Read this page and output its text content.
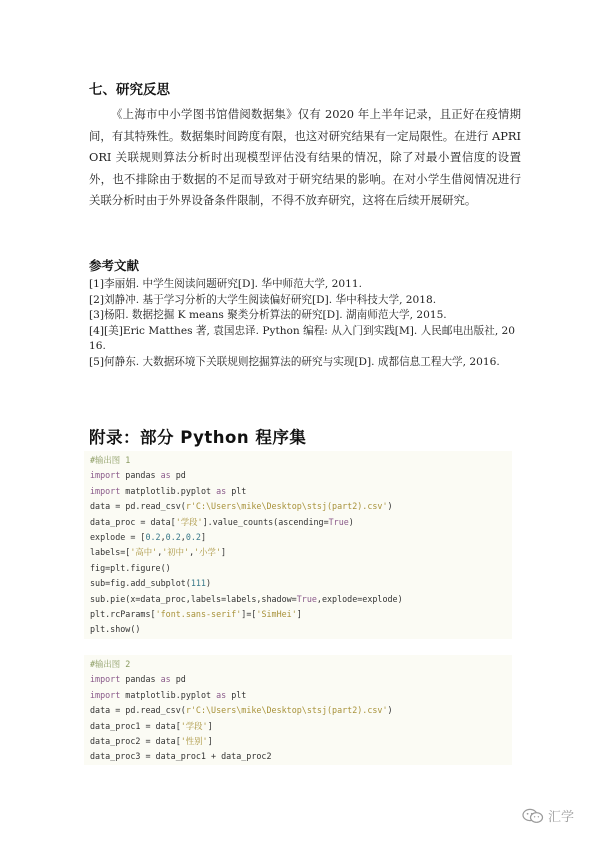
七、研究反思
《上海市中小学图书馆借阅数据集》仅有 2020 年上半年记录，且正好在疫情期间，有其特殊性。数据集时间跨度有限，也这对研究结果有一定局限性。在进行 APRIORI 关联规则算法分析时出现模型评估没有结果的情况，除了对最小置信度的设置外，也不排除由于数据的不足而导致对于研究结果的影响。在对小学生借阅情况进行关联分析时由于外界设备条件限制，不得不放弃研究，这将在后续开展研究。
参考文献
[1]李丽娟. 中学生阅读问题研究[D]. 华中师范大学, 2011.
[2]刘静冲. 基于学习分析的大学生阅读偏好研究[D]. 华中科技大学, 2018.
[3]杨阳. 数据挖掘 K means 聚类分析算法的研究[D]. 湖南师范大学, 2015.
[4][美]Eric Matthes 著, 袁国忠译. Python 编程: 从入门到实践[M]. 人民邮电出版社, 2016.
[5]何静东. 大数据环境下关联规则挖掘算法的研究与实现[D]. 成都信息工程大学, 2016.
附录：部分 Python 程序集
#输出图 1
import pandas as pd
import matplotlib.pyplot as plt
data = pd.read_csv(r'C:\Users\mike\Desktop\stsj(part2).csv')
data_proc = data['学段'].value_counts(ascending=True)
explode = [0.2,0.2,0.2]
labels=['高中','初中','小学']
fig=plt.figure()
sub=fig.add_subplot(111)
sub.pie(x=data_proc,labels=labels,shadow=True,explode=explode)
plt.rcParams['font.sans-serif']=['SimHei']
plt.show()
#输出图 2
import pandas as pd
import matplotlib.pyplot as plt
data = pd.read_csv(r'C:\Users\mike\Desktop\stsj(part2).csv')
data_proc1 = data['学段']
data_proc2 = data['性别']
data_proc3 = data_proc1 + data_proc2
汇学
